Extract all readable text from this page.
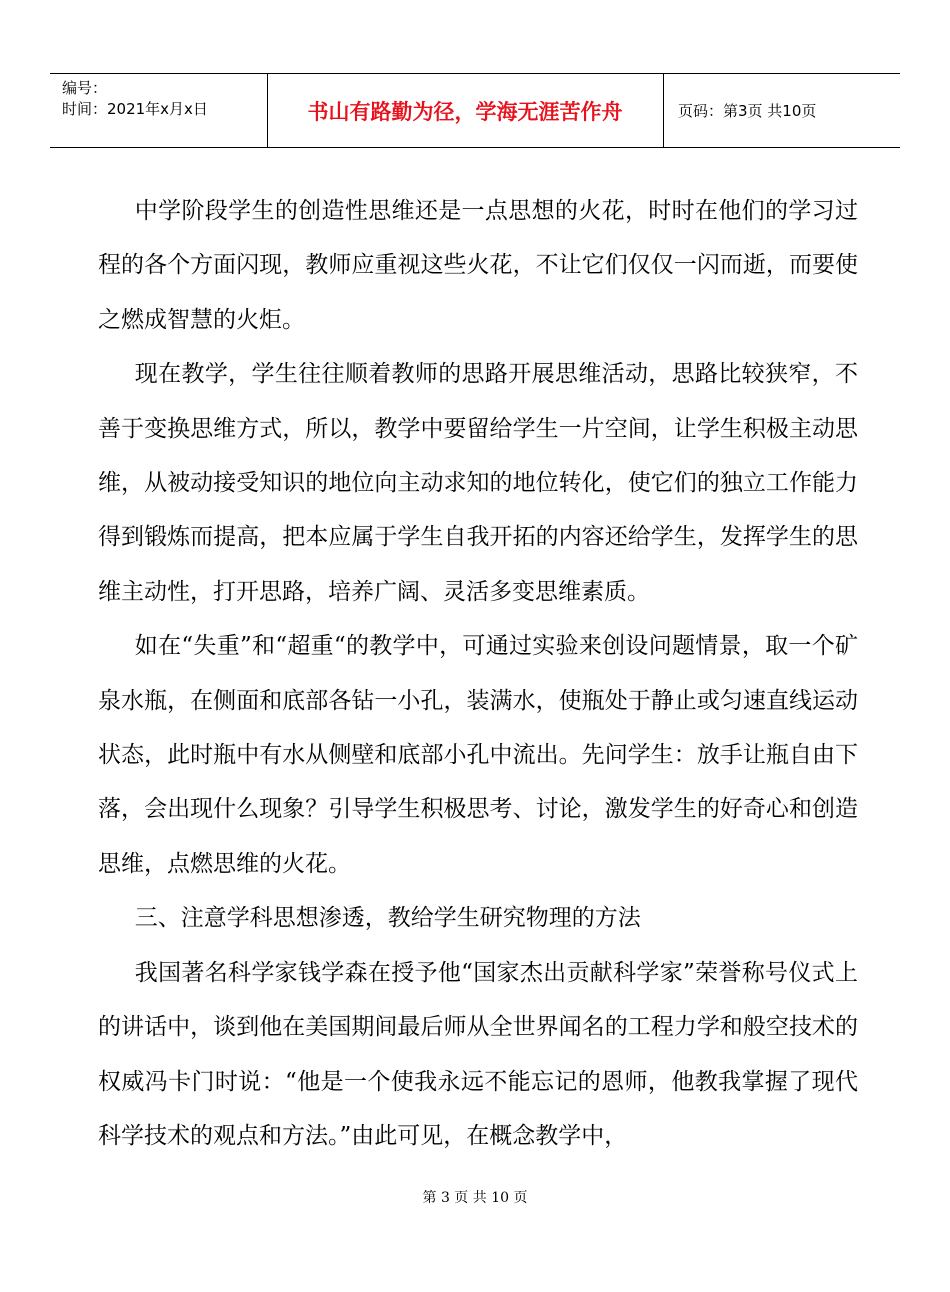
编号：
时间：2021年x月x日	书山有路勤为径，学海无涯苦作舟	页码：第3页 共10页

中学阶段学生的创造性思维还是一点思想的火花，时时在他们的学习过程的各个方面闪现，教师应重视这些火花，不让它们仅仅一闪而逝，而要使之燃成智慧的火炬。

现在教学，学生往往顺着教师的思路开展思维活动，思路比较狭窄，不善于变换思维方式，所以，教学中要留给学生一片空间，让学生积极主动思维，从被动接受知识的地位向主动求知的地位转化，使它们的独立工作能力得到锻炼而提高，把本应属于学生自我开拓的内容还给学生，发挥学生的思维主动性，打开思路，培养广阔、灵活多变思维素质。

如在“失重”和“超重“的教学中，可通过实验来创设问题情景，取一个矿泉水瓶，在侧面和底部各钻一小孔，装满水，使瓶处于静止或匀速直线运动状态，此时瓶中有水从侧壁和底部小孔中流出。先问学生：放手让瓶自由下落，会出现什么现象？引导学生积极思考、讨论，激发学生的好奇心和创造思维，点燃思维的火花。

三、注意学科思想渗透，教给学生研究物理的方法

我国著名科学家钱学森在授予他“国家杰出贡献科学家”荣誉称号仪式上的讲话中，谈到他在美国期间最后师从全世界闻名的工程力学和般空技术的权威冯卡门时说：“他是一个使我永远不能忘记的恩师，他教我掌握了现代科学技术的观点和方法。”由此可见，在概念教学中，

第 3 页 共 10 页
